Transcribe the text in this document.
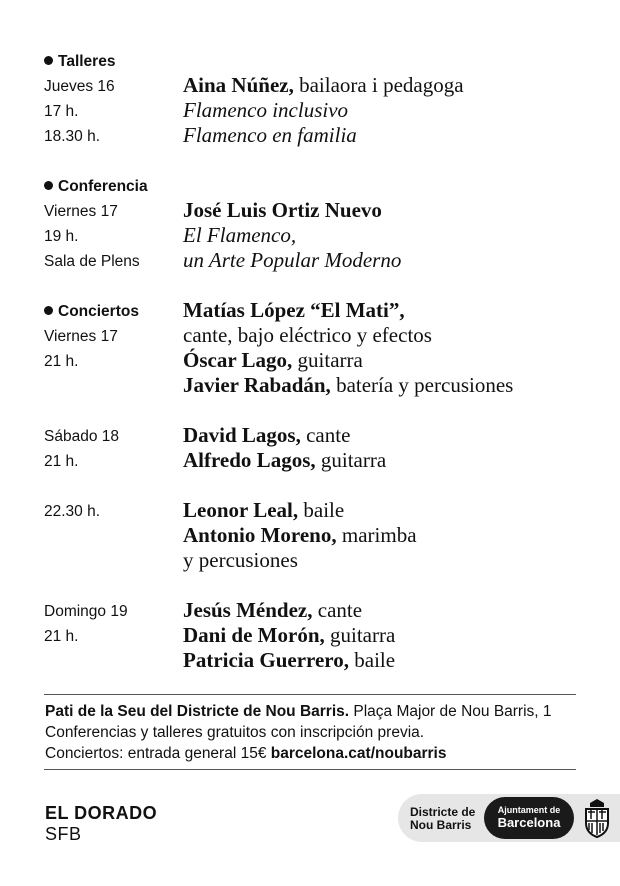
Talleres
Jueves 16
17 h.
18.30 h.
Aina Núñez, bailaora i pedagoga
Flamenco inclusivo
Flamenco en familia
Conferencia
Viernes 17
19 h.
Sala de Plens
José Luis Ortiz Nuevo
El Flamenco,
un Arte Popular Moderno
Conciertos
Viernes 17
21 h.
Matías López “El Mati”,
cante, bajo eléctrico y efectos
Óscar Lago, guitarra
Javier Rabadán, batería y percusiones
Sábado 18
21 h.
David Lagos, cante
Alfredo Lagos, guitarra
22.30 h.	Leonor Leal, baile
Antonio Moreno, marimba
y percusiones
Domingo 19
21 h.
Jesús Méndez, cante
Dani de Morón, guitarra
Patricia Guerrero, baile
Pati de la Seu del Districte de Nou Barris. Plaça Major de Nou Barris, 1
Conferencias y talleres gratuitos con inscripción previa.
Conciertos: entrada general 15€ barcelona.cat/noubarris
EL DORADO
SFB
Districte de
Nou Barris
Ajuntament de
Barcelona
